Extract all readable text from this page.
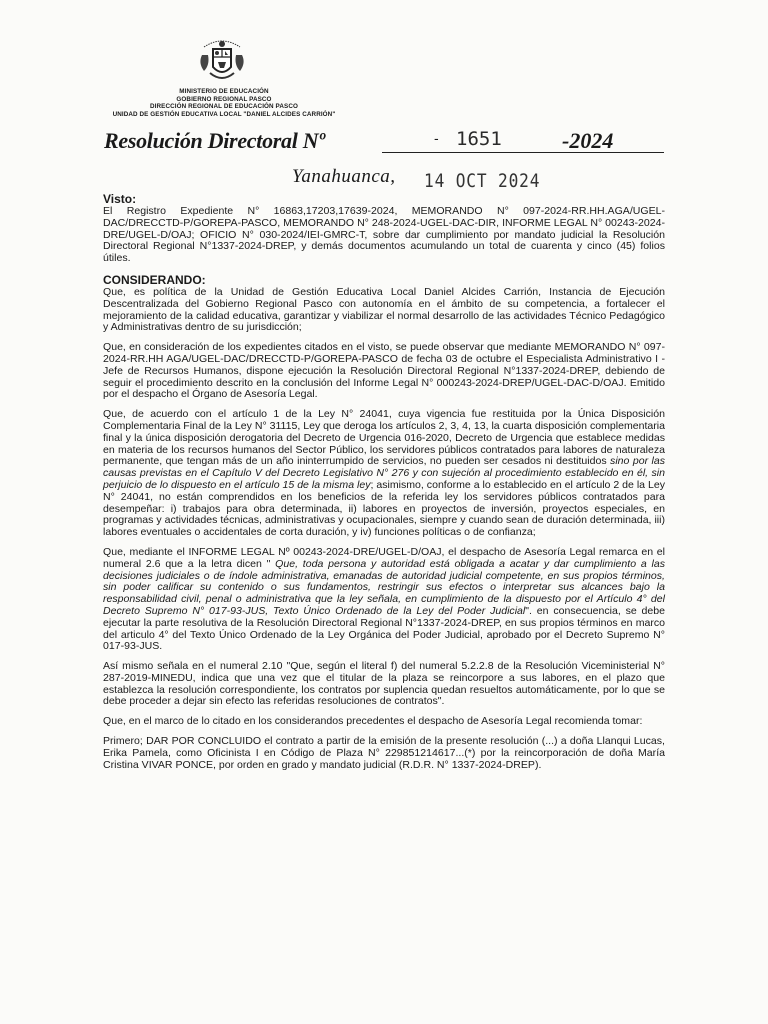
MINISTERIO DE EDUCACIÓN
GOBIERNO REGIONAL PASCO
DIRECCIÓN REGIONAL DE EDUCACIÓN PASCO
UNIDAD DE GESTIÓN EDUCATIVA LOCAL "DANIEL ALCIDES CARRIÓN"
Resolución Directoral Nº	- 1651	-2024
Yanahuanca, 14 OCT 2024
Visto:

El Registro Expediente N° 16863,17203,17639-2024, MEMORANDO N° 097-2024-RR.HH.AGA/UGEL-DAC/DRECCTD-P/GOREPA-PASCO, MEMORANDO N° 248-2024-UGEL-DAC-DIR, INFORME LEGAL N° 00243-2024-DRE/UGEL-D/OAJ; OFICIO N° 030-2024/IEI-GMRC-T, sobre dar cumplimiento por mandato judicial la Resolución Directoral Regional N°1337-2024-DREP, y demás documentos acumulando un total de cuarenta y cinco (45) folios útiles.

CONSIDERANDO:

Que, es política de la Unidad de Gestión Educativa Local Daniel Alcides Carrión, Instancia de Ejecución Descentralizada del Gobierno Regional Pasco con autonomía en el ámbito de su competencia, a fortalecer el mejoramiento de la calidad educativa, garantizar y viabilizar el normal desarrollo de las actividades Técnico Pedagógico y Administrativas dentro de su jurisdicción;

Que, en consideración de los expedientes citados en el visto, se puede observar que mediante MEMORANDO N° 097-2024-RR.HH AGA/UGEL-DAC/DRECCTD-P/GOREPA-PASCO de fecha 03 de octubre el Especialista Administrativo I - Jefe de Recursos Humanos, dispone ejecución la Resolución Directoral Regional N°1337-2024-DREP, debiendo de seguir el procedimiento descrito en la conclusión del Informe Legal N° 000243-2024-DREP/UGEL-DAC-D/OAJ. Emitido por el despacho el Órgano de Asesoría Legal.

Que, de acuerdo con el artículo 1 de la Ley N° 24041, cuya vigencia fue restituida por la Única Disposición Complementaria Final de la Ley N° 31115, Ley que deroga los artículos 2, 3, 4, 13, la cuarta disposición complementaria final y la única disposición derogatoria del Decreto de Urgencia 016-2020, Decreto de Urgencia que establece medidas en materia de los recursos humanos del Sector Público, los servidores públicos contratados para labores de naturaleza permanente, que tengan más de un año ininterrumpido de servicios, no pueden ser cesados ni destituidos sino por las causas previstas en el Capítulo V del Decreto Legislativo N° 276 y con sujeción al procedimiento establecido en él, sin perjuicio de lo dispuesto en el artículo 15 de la misma ley; asimismo, conforme a lo establecido en el artículo 2 de la Ley N° 24041, no están comprendidos en los beneficios de la referida ley los servidores públicos contratados para desempeñar: i) trabajos para obra determinada, ii) labores en proyectos de inversión, proyectos especiales, en programas y actividades técnicas, administrativas y ocupacionales, siempre y cuando sean de duración determinada, iii) labores eventuales o accidentales de corta duración, y iv) funciones políticas o de confianza;

Que, mediante el INFORME LEGAL Nº 00243-2024-DRE/UGEL-D/OAJ, el despacho de Asesoría Legal remarca en el numeral 2.6 que a la letra dicen " Que, toda persona y autoridad está obligada a acatar y dar cumplimiento a las decisiones judiciales o de índole administrativa, emanadas de autoridad judicial competente, en sus propios términos, sin poder calificar su contenido o sus fundamentos, restringir sus efectos o interpretar sus alcances bajo la responsabilidad civil, penal o administrativa que la ley señala, en cumplimiento de la dispuesto por el Artículo 4° del Decreto Supremo N° 017-93-JUS, Texto Único Ordenado de la Ley del Poder Judicial". en consecuencia, se debe ejecutar la parte resolutiva de la Resolución Directoral Regional N°1337-2024-DREP, en sus propios términos en marco del articulo 4° del Texto Único Ordenado de la Ley Orgánica del Poder Judicial, aprobado por el Decreto Supremo N° 017-93-JUS.

Así mismo señala en el numeral 2.10 "Que, según el literal f) del numeral 5.2.2.8 de la Resolución Viceministerial N° 287-2019-MINEDU, indica que una vez que el titular de la plaza se reincorpore a sus labores, en el plazo que establezca la resolución correspondiente, los contratos por suplencia quedan resueltos automáticamente, por lo que se debe proceder a dejar sin efecto las referidas resoluciones de contratos".

Que, en el marco de lo citado en los considerandos precedentes el despacho de Asesoría Legal recomienda tomar:

Primero; DAR POR CONCLUIDO el contrato a partir de la emisión de la presente resolución (...) a doña Llanqui Lucas, Erika Pamela, como Oficinista I en Código de Plaza N° 229851214617...(*) por la reincorporación de doña María Cristina VIVAR PONCE, por orden en grado y mandato judicial (R.D.R. N° 1337-2024-DREP).
